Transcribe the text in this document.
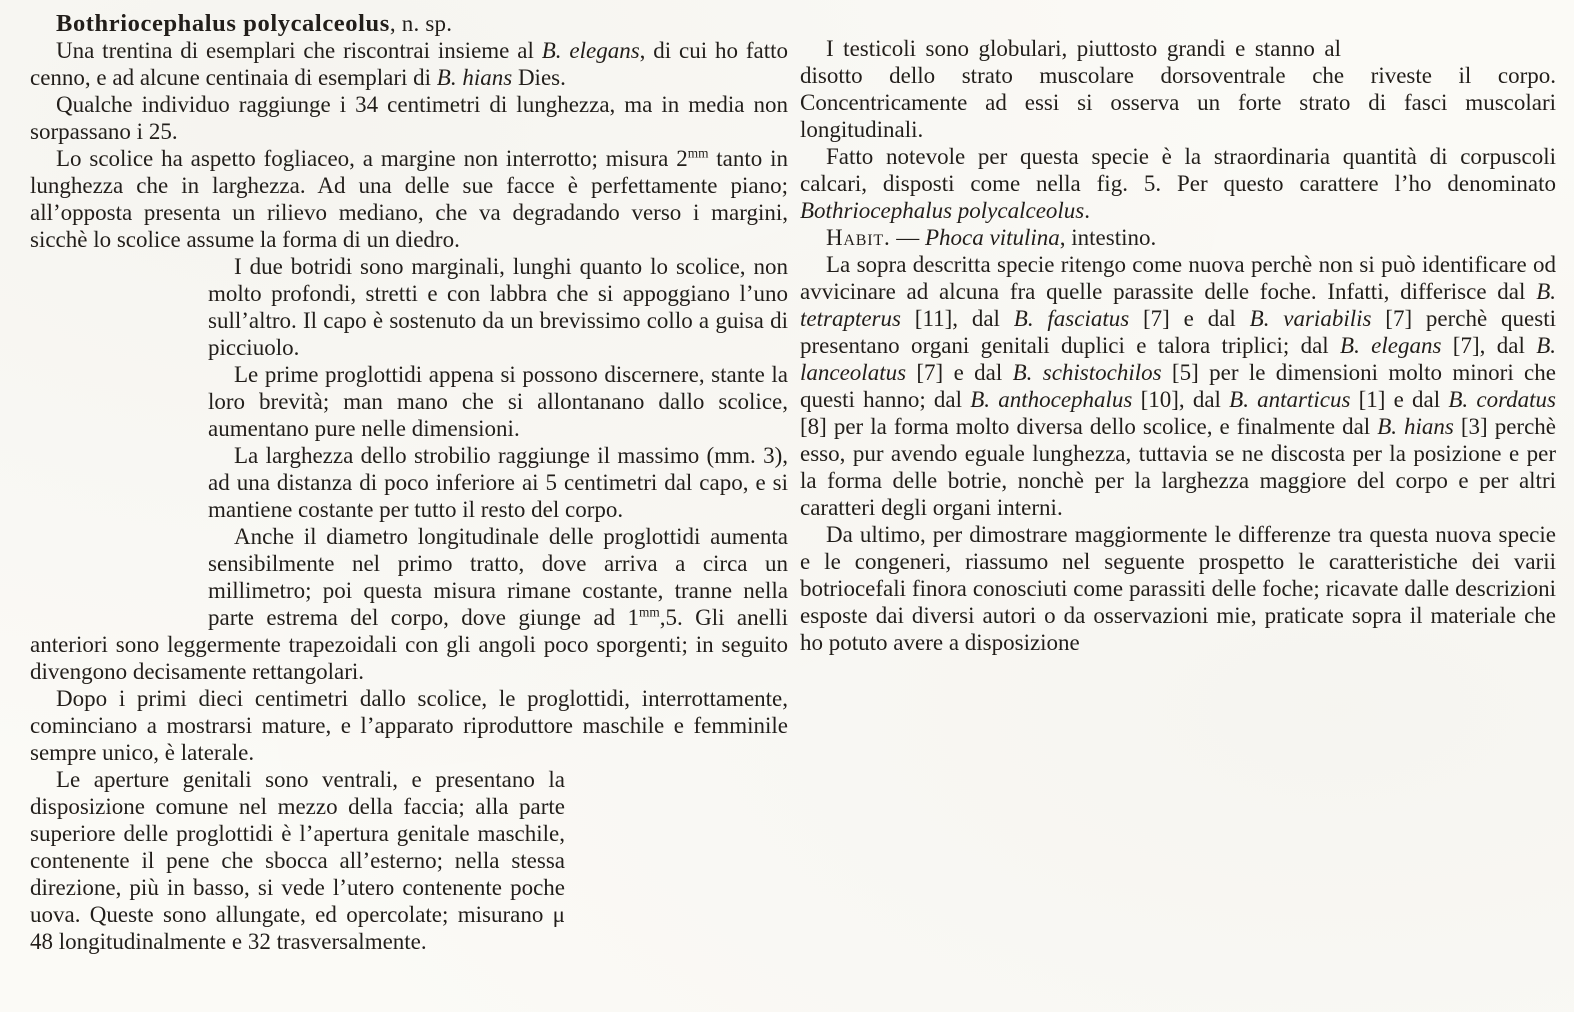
Bothriocephalus polycalceolus, n. sp.

Una trentina di esemplari che riscontrai insieme al B. elegans, di cui ho fatto cenno, e ad alcune centinaia di esemplari di B. hians Dies.

Qualche individuo raggiunge i 34 centimetri di lunghezza, ma in media non sorpassano i 25.

Lo scolice ha aspetto fogliaceo, a margine non interrotto; misura $2^{mm}$ tanto in lunghezza che in larghezza. Ad una delle sue facce è perfettamente piano; all’opposta presenta un rilievo mediano, che va degradando verso i margini, sicchè lo scolice assume la forma di un diedro.

I due botridi sono marginali, lunghi quanto lo scolice, non molto profondi, stretti e con labbra che si appoggiano l’uno sull’altro. Il capo è sostenuto da un brevissimo collo a guisa di picciuolo.

Le prime proglottidi appena si possono discernere, stante la loro brevità; man mano che si allontanano dallo scolice, aumentano pure nelle dimensioni.

La larghezza dello strobilio raggiunge il massimo (mm. 3), ad una distanza di poco inferiore ai 5 centimetri dal capo, e si mantiene costante per tutto il resto del corpo.

Anche il diametro longitudinale delle proglottidi aumenta sensibilmente nel primo tratto, dove arriva a circa un millimetro; poi questa misura rimane costante, tranne nella parte estrema del corpo, dove giunge ad $1^{mm},5$. Gli anelli anteriori sono leggermente trapezoidali con gli angoli poco sporgenti; in seguito divengono decisamente rettangolari.

Dopo i primi dieci centimetri dallo scolice, le proglottidi, interrottamente, cominciano a mostrarsi mature, e l’apparato riproduttore maschile e femminile sempre unico, è laterale.

Le aperture genitali sono ventrali, e presentano la disposizione comune nel mezzo della faccia; alla parte superiore delle proglottidi è l’apertura genitale maschile, contenente il pene che sbocca all’esterno; nella stessa direzione, più in basso, si vede l’utero contenente poche uova. Queste sono allungate, ed opercolate; misurano μ 48 longitudinalmente e 32 trasversalmente.

I testicoli sono globulari, piuttosto grandi e stanno al disotto dello strato muscolare dorsoventrale che riveste il corpo. Concentricamente ad essi si osserva un forte strato di fasci muscolari longitudinali.

Fatto notevole per questa specie è la straordinaria quantità di corpuscoli calcari, disposti come nella fig. 5. Per questo carattere l’ho denominato Bothriocephalus polycalceolus.

Habit. — Phoca vitulina, intestino.

La sopra descritta specie ritengo come nuova perchè non si può identificare od avvicinare ad alcuna fra quelle parassite delle foche. Infatti, differisce dal B. tetrapterus [11], dal B. fasciatus [7] e dal B. variabilis [7] perchè questi presentano organi genitali duplici e talora triplici; dal B. elegans [7], dal B. lanceolatus [7] e dal B. schistochilos [5] per le dimensioni molto minori che questi hanno; dal B. anthocephalus [10], dal B. antarticus [1] e dal B. cordatus [8] per la forma molto diversa dello scolice, e finalmente dal B. hians [3] perchè esso, pur avendo eguale lunghezza, tuttavia se ne discosta per la posizione e per la forma delle botrie, nonchè per la larghezza maggiore del corpo e per altri caratteri degli organi interni.

Da ultimo, per dimostrare maggiormente le differenze tra questa nuova specie e le congeneri, riassumo nel seguente prospetto le caratteristiche dei varii botriocefali finora conosciuti come parassiti delle foche; ricavate dalle descrizioni esposte dai diversi autori o da osservazioni mie, praticate sopra il materiale che ho potuto avere a disposizione
